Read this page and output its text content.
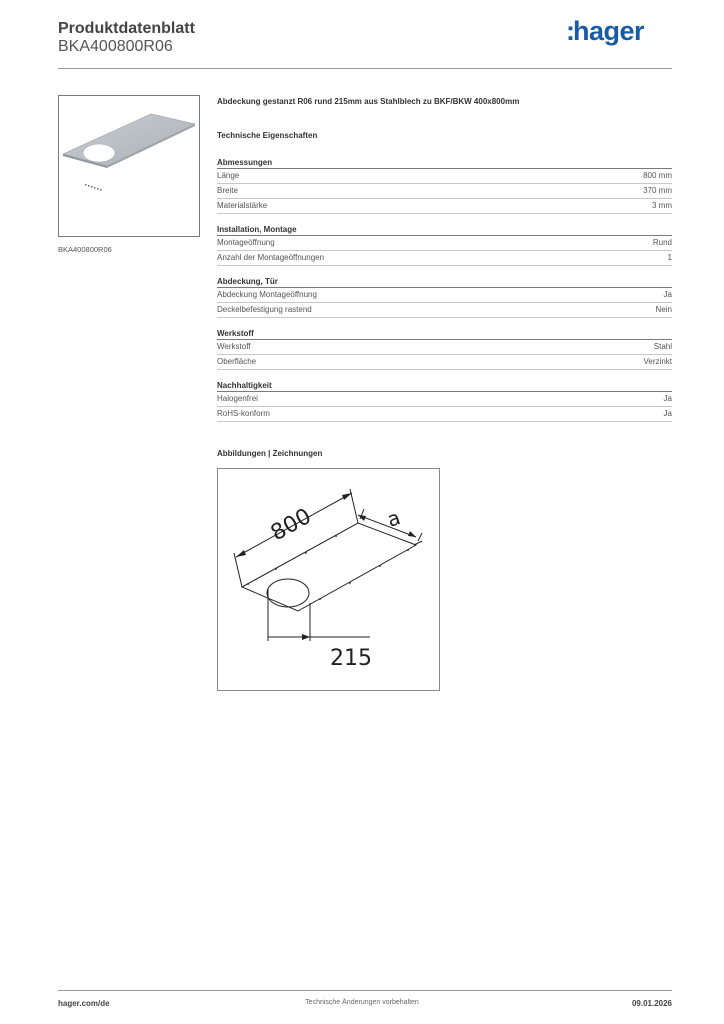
Produktdatenblatt
BKA400800R06
:hager
BKA400800R06
Abdeckung gestanzt R06 rund 215mm aus Stahlblech zu BKF/BKW 400x800mm
Technische Eigenschaften
Abmessungen
Länge	800 mm
Breite	370 mm
Materialstärke	3 mm
Installation, Montage
Montageöffnung	Rund
Anzahl der Montageöffnungen	1
Abdeckung, Tür
Abdeckung Montageöffnung	Ja
Deckelbefestigung rastend	Nein
Werkstoff
Werkstoff	Stahl
Oberfläche	Verzinkt
Nachhaltigkeit
Halogenfrei	Ja
RoHS-konform	Ja
Abbildungen | Zeichnungen
800	a
215
hager.com/de	Technische Änderungen vorbehalten	09.01.2026
